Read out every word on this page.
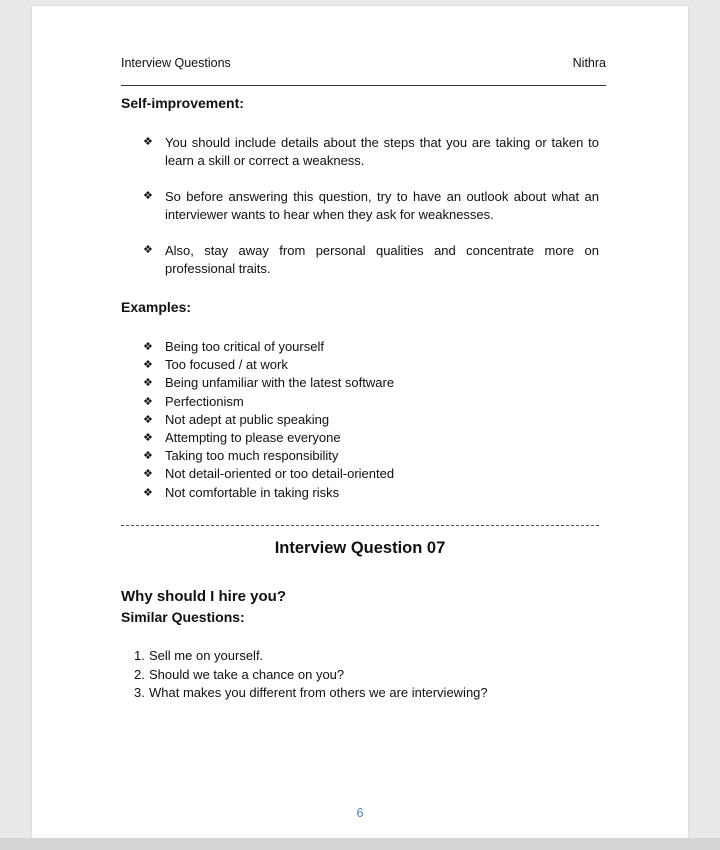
Interview Questions	Nithra
Self-improvement:
❖ You should include details about the steps that you are taking or taken to learn a skill or correct a weakness.
❖ So before answering this question, try to have an outlook about what an interviewer wants to hear when they ask for weaknesses.
❖ Also, stay away from personal qualities and concentrate more on professional traits.
Examples:
❖ Being too critical of yourself
❖ Too focused / at work
❖ Being unfamiliar with the latest software
❖ Perfectionism
❖ Not adept at public speaking
❖ Attempting to please everyone
❖ Taking too much responsibility
❖ Not detail-oriented or too detail-oriented
❖ Not comfortable in taking risks
Interview Question 07
Why should I hire you?
Similar Questions:
1. Sell me on yourself.
2. Should we take a chance on you?
3. What makes you different from others we are interviewing?
6
